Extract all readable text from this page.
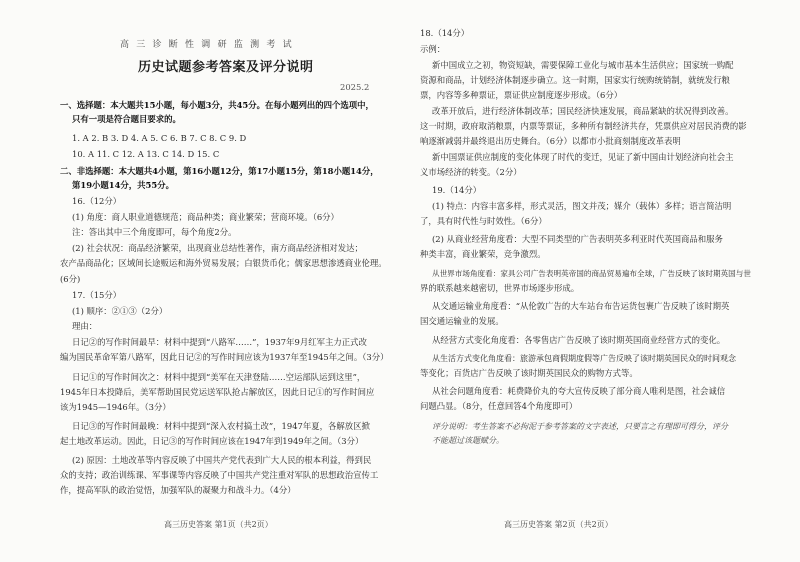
高 三 诊 断 性 调 研 监 测 考 试
历史试题参考答案及评分说明
2025.2
一、选择题：本大题共15小题，每小题3分，共45分。在每小题列出的四个选项中，
只有一项是符合题目要求的。
1. A 2. B 3. D 4. A 5. C 6. B 7. C 8. C 9. D
10. A 11. C 12. A 13. C 14. D 15. C
二、非选择题：本大题共4小题，第16小题12分，第17小题15分，第18小题14分，
第19小题14分，共55分。
16.（12分）
(1) 角度：商人职业道德规范；商品种类；商业繁荣；营商环境。（6分）
注：答出其中三个角度即可，每个角度2分。
(2) 社会状况：商品经济繁荣，出现商业总结性著作，南方商品经济相对发达；
农产品商品化；区域间长途贩运和海外贸易发展；白银货币化；儒家思想渗透商业伦理。
(6分)
17.（15分）
(1) 顺序：②①③（2分）
理由：
日记②的写作时间最早：材料中提到“八路军……”，1937年9月红军主力正式改
编为国民革命军第八路军，因此日记②的写作时间应该为1937年至1945年之间。（3分）
日记①的写作时间次之：材料中提到“美军在天津登陆……空运部队运到这里”，
1945年日本投降后，美军帮助国民党运送军队抢占解放区，因此日记①的写作时间应
该为1945—1946年。（3分）
日记③的写作时间最晚：材料中提到“深入农村搞土改”，1947年夏，各解放区掀
起土地改革运动。因此，日记③的写作时间应该在1947年到1949年之间。（3分）
(2) 原因：土地改革等内容反映了中国共产党代表到广大人民的根本利益，得到民
众的支持；政治训练课、军事课等内容反映了中国共产党注重对军队的思想政治宣传工
作，提高军队的政治觉悟，加强军队的凝聚力和战斗力。（4分）
高三历史答案 第1页（共2页）
18.（14分）
示例：
新中国成立之初，物资短缺，需要保障工业化与城市基本生活供应；国家统一购配
资源和商品，计划经济体制逐步确立。这一时期，国家实行统购统销制，就统发行粮
票，内容等多种票证，票证供应制度逐步形成。（6分）
改革开放后，进行经济体制改革；国民经济快速发展，商品紧缺的状况得到改善。
这一时期，政府取消粮票，内票等票证，多种所有制经济共存，凭票供应对居民消费的影
响逐渐减弱并最终退出历史舞台。（6分）以都市小批商刻制度改革表明
新中国票证供应制度的变化体现了时代的变迁，见证了新中国由计划经济向社会主
义市场经济的转变。（2分）
19.（14分）
(1) 特点：内容丰富多样，形式灵活，图文并茂；媒介（载体）多样；语言简洁明
了，具有时代性与时效性。（6分）
(2) 从商业经营角度看：大型不同类型的广告表明英多利亚时代英国商品和服务
种类丰富，商业繁荣，竞争激烈。
从世界市场角度看：家具公司广告表明英帝国的商品贸易遍布全球，广告反映了该时期英国与世
界的联系越来越密切，世界市场逐步形成。
从交通运输业角度看：“从伦敦广告的大车站台布告运货包裹广告反映了该时期英
国交通运输业的发展。
从经营方式变化角度看：各零售店广告反映了该时期英国商业经营方式的变化。
从生活方式变化角度看：旅游承包商假期度假等广告反映了该时期英国民众的时间观念
等变化；百货店广告反映了该时期英国民众的购物方式等。
从社会问题角度看：耗费降价丸的夸大宣传反映了部分商人唯利是图，社会诚信
问题凸显。（8分，任意回答4个角度即可）
评分说明：考生答案不必拘泥于参考答案的文字表述，只要言之有理即可得分，评分不能超过该题赋分。
高三历史答案 第2页（共2页）
